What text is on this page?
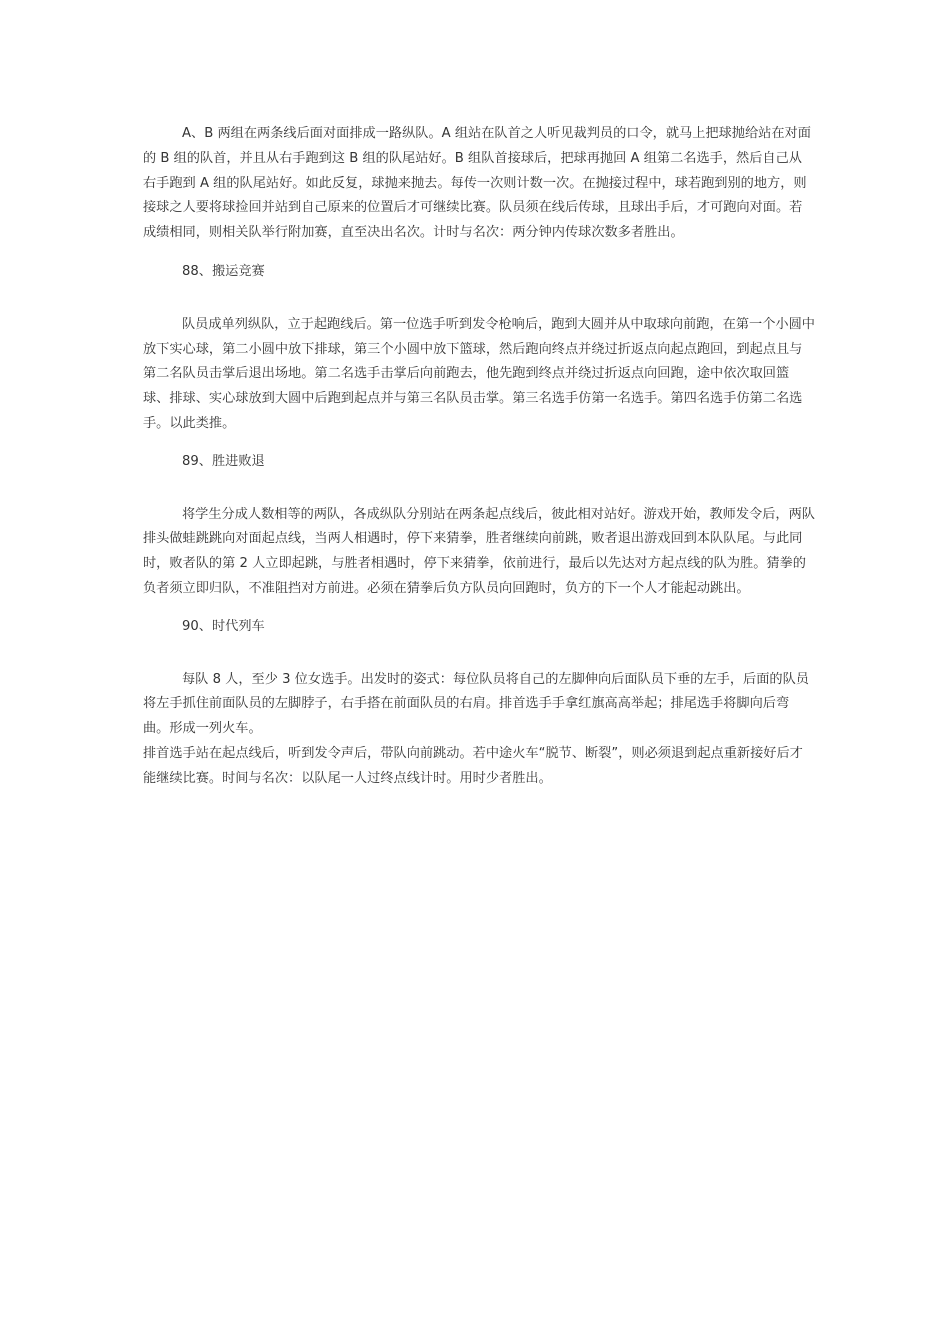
A、B 两组在两条线后面对面排成一路纵队。A 组站在队首之人听见裁判员的口令，就马上把球抛给站在对面的 B 组的队首，并且从右手跑到这 B 组的队尾站好。B 组队首接球后，把球再抛回 A 组第二名选手，然后自己从右手跑到 A 组的队尾站好。如此反复，球抛来抛去。每传一次则计数一次。在抛接过程中，球若跑到别的地方，则接球之人要将球捡回并站到自己原来的位置后才可继续比赛。队员须在线后传球，且球出手后，才可跑向对面。若成绩相同，则相关队举行附加赛，直至决出名次。计时与名次：两分钟内传球次数多者胜出。

88、搬运竞赛

队员成单列纵队，立于起跑线后。第一位选手听到发令枪响后，跑到大圆并从中取球向前跑，在第一个小圆中放下实心球，第二小圆中放下排球，第三个小圆中放下篮球，然后跑向终点并绕过折返点向起点跑回，到起点且与第二名队员击掌后退出场地。第二名选手击掌后向前跑去，他先跑到终点并绕过折返点向回跑，途中依次取回篮球、排球、实心球放到大圆中后跑到起点并与第三名队员击掌。第三名选手仿第一名选手。第四名选手仿第二名选手。以此类推。

89、胜进败退

将学生分成人数相等的两队，各成纵队分别站在两条起点线后，彼此相对站好。游戏开始，教师发令后，两队排头做蛙跳跳向对面起点线，当两人相遇时，停下来猜拳，胜者继续向前跳，败者退出游戏回到本队队尾。与此同时，败者队的第 2 人立即起跳，与胜者相遇时，停下来猜拳，依前进行，最后以先达对方起点线的队为胜。猜拳的负者须立即归队，不准阻挡对方前进。必须在猜拳后负方队员向回跑时，负方的下一个人才能起动跳出。

90、时代列车

每队 8 人，至少 3 位女选手。出发时的姿式：每位队员将自己的左脚伸向后面队员下垂的左手，后面的队员将左手抓住前面队员的左脚脖子，右手搭在前面队员的右肩。排首选手手拿红旗高高举起；排尾选手将脚向后弯曲。形成一列火车。

排首选手站在起点线后，听到发令声后，带队向前跳动。若中途火车“脱节、断裂”，则必须退到起点重新接好后才能继续比赛。时间与名次：以队尾一人过终点线计时。用时少者胜出。
